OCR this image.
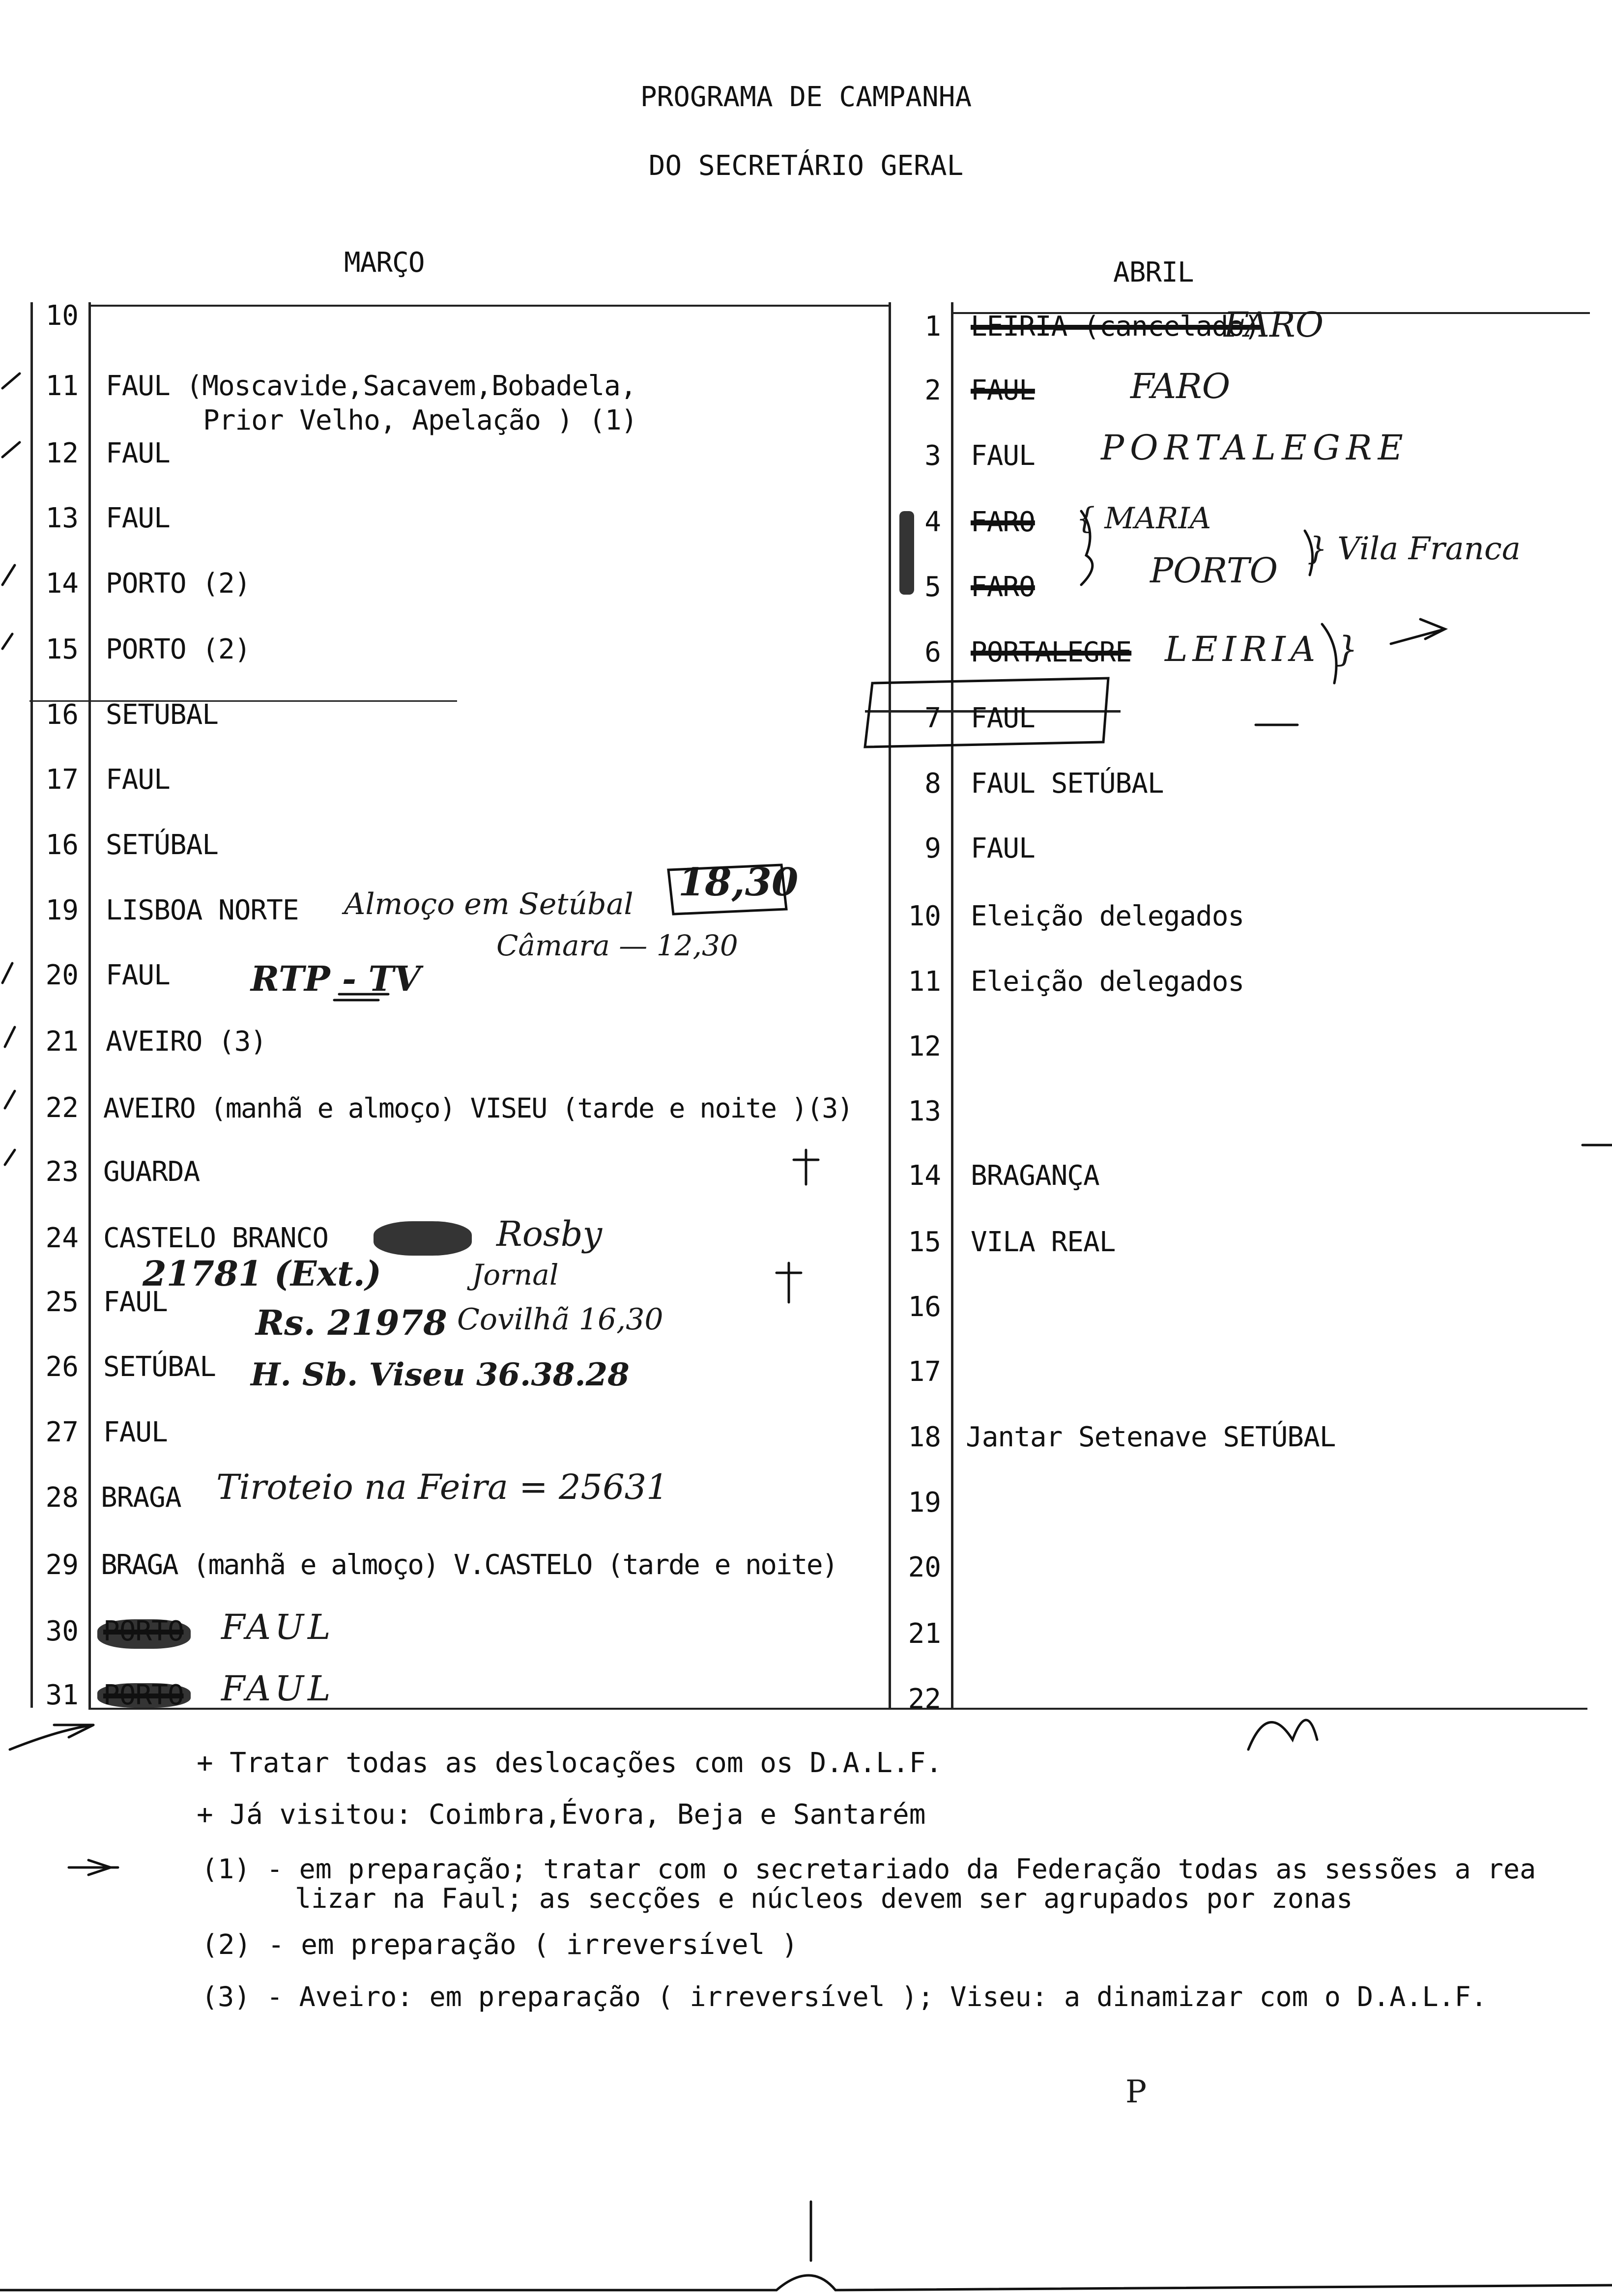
PROGRAMA DE CAMPANHA
DO SECRETÁRIO GERAL
MARÇO	ABRIL
10
11 FAUL (Moscavide,Sacavem,Bobadela,
Prior Velho, Apelação ) (1)
12 FAUL
13 FAUL
14 PORTO (2)
15 PORTO (2)
16 SETUBAL
17 FAUL
16 SETÚBAL
19 LISBOA NORTE
20 FAUL
21 AVEIRO (3)
22 AVEIRO (manhã e almoço) VISEU (tarde e noite )(3)
23 GUARDA
24 CASTELO BRANCO
25 FAUL
26 SETÚBAL
27 FAUL
28 BRAGA
29 BRAGA (manhã e almoço) V.CASTELO (tarde e noite)
30
31
1 LEIRIA (cancelado)
2 FAUL
3 FAUL
4 FARO
5 FARO
6 PORTALEGRE
7 FAUL
8 FAUL SETÚBAL
9 FAUL
10 Eleição delegados
11 Eleição delegados
12
13
14 BRAGANÇA
15 VILA REAL
16
17
18 Jantar Setenave SETÚBAL
19
20
21
22
FARO
FARO
PORTALEGRE
{ MARIA
PORTO
} Vila Franca
LEIRIA }
Almoço em Setúbal 18,30
Câmara — 12,30
RTP - TV
Rosby
21781 (Ext.)	Jornal
Rs. 21978 Covilhã 16,30
H. Sb. Viseu 36.38.28
Tiroteio na Feira = 25631
FAUL
FAUL
P
+ Tratar todas as deslocações com os D.A.L.F.
+ Já visitou: Coimbra,Évora, Beja e Santarém
(1) - em preparação; tratar com o secretariado da Federação todas as sessões a rea
lizar na Faul; as secções e núcleos devem ser agrupados por zonas
(2) - em preparação ( irreversível )
(3) - Aveiro: em preparação ( irreversível ); Viseu: a dinamizar com o D.A.L.F.
